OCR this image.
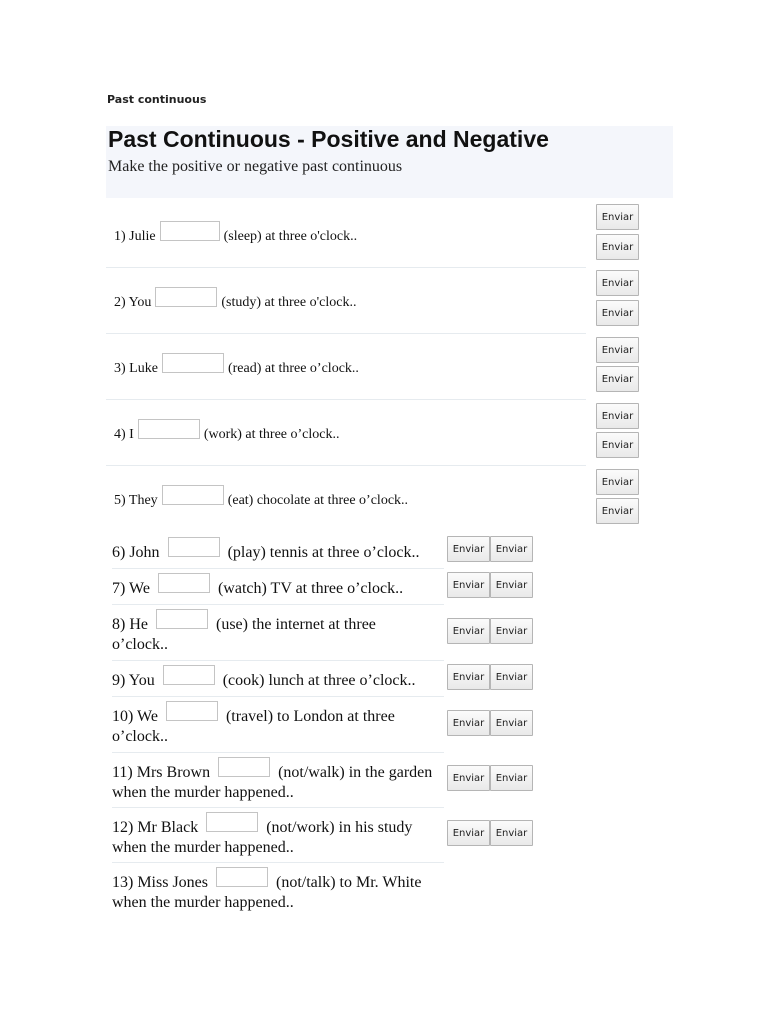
Past continuous
Past Continuous - Positive and Negative
Make the positive or negative past continuous
1) Julie	(sleep) at three o'clock..
2) You	(study) at three o'clock..
3) Luke	(read) at three o’clock..
4) I	(work) at three o’clock..
5) They	(eat) chocolate at three o’clock..
Enviar
Enviar
Enviar
Enviar
Enviar
Enviar
Enviar
Enviar
Enviar
Enviar
6) John	(play) tennis at three o’clock..	Enviar	Enviar
7) We	(watch) TV at three o’clock..	Enviar	Enviar
8) He	(use) the internet at three
o’clock..
Enviar	Enviar
9) You	(cook) lunch at three o’clock..	Enviar	Enviar
10) We	(travel) to London at three
o’clock..
Enviar	Enviar
11) Mrs Brown	(not/walk) in the garden
when the murder happened..
Enviar	Enviar
12) Mr Black	(not/work) in his study
when the murder happened..
Enviar	Enviar
13) Miss Jones	(not/talk) to Mr. White
when the murder happened..
